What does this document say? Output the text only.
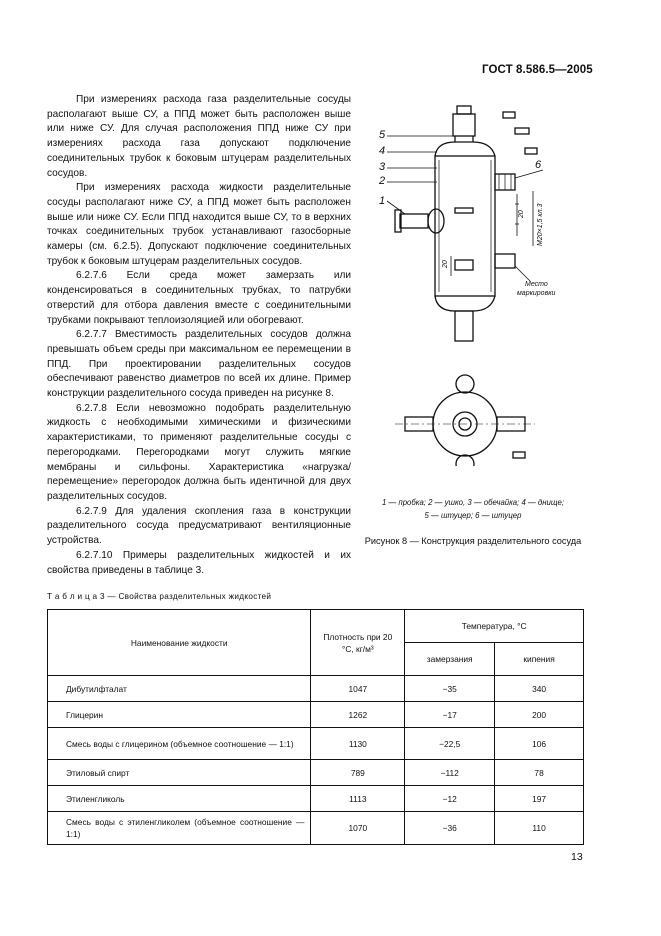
ГОСТ 8.586.5—2005

При измерениях расхода газа разделительные сосуды располагают выше СУ, а ППД может быть расположен выше или ниже СУ. Для случая расположения ППД ниже СУ при измерениях расхода газа допускают подключение соединительных трубок к боковым штуцерам разделительных сосудов.

При измерениях расхода жидкости разделительные сосуды располагают ниже СУ, а ППД может быть расположен выше или ниже СУ. Если ППД находится выше СУ, то в верхних точках соединительных трубок устанавливают газосборные камеры (см. 6.2.5). Допускают подключение соединительных трубок к боковым штуцерам разделительных сосудов.

6.2.7.6 Если среда может замерзать или конденсироваться в соединительных трубках, то патрубки отверстий для отбора давления вместе с соединительными трубками покрывают теплоизоляцией или обогревают.

6.2.7.7 Вместимость разделительных сосудов должна превышать объем среды при максимальном ее перемещении в ППД. При проектировании разделительных сосудов обеспечивают равенство диаметров по всей их длине. Пример конструкции разделительного сосуда приведен на рисунке 8.

6.2.7.8 Если невозможно подобрать разделительную жидкость с необходимыми химическими и физическими характеристиками, то применяют разделительные сосуды с перегородками. Перегородками могут служить мягкие мембраны и сильфоны. Характеристика «нагрузка/перемещение» перегородок должна быть идентичной для двух разделительных сосудов.

6.2.7.9 Для удаления скопления газа в конструкции разделительного сосуда предусматривают вентиляционные устройства.

6.2.7.10 Примеры разделительных жидкостей и их свойства приведены в таблице 3.

5
4
3
2
1
6
20
20
М20×1,5 кл.3
Место
маркировки
1 — пробка; 2 — ушко, 3 — обечайка; 4 — днище;
5 — штуцер; 6 — штуцер
Рисунок 8 — Конструкция разделительного сосуда
Т а б л и ц а 3 — Свойства разделительных жидкостей
Наименование жидкости	Плотность при 20 °С, кг/м³	Температура, °С	
		замерзания	кипения
Дибутилфталат	1047	−35	340
Глицерин	1262	−17	200
Смесь воды с глицерином (объемное соотношение — 1:1)	1130	−22,5	106
Этиловый спирт	789	−112	78
Этиленгликоль	1113	−12	197
Смесь воды с этиленгликолем (объемное соотношение — 1:1)	1070	−36	110
13
